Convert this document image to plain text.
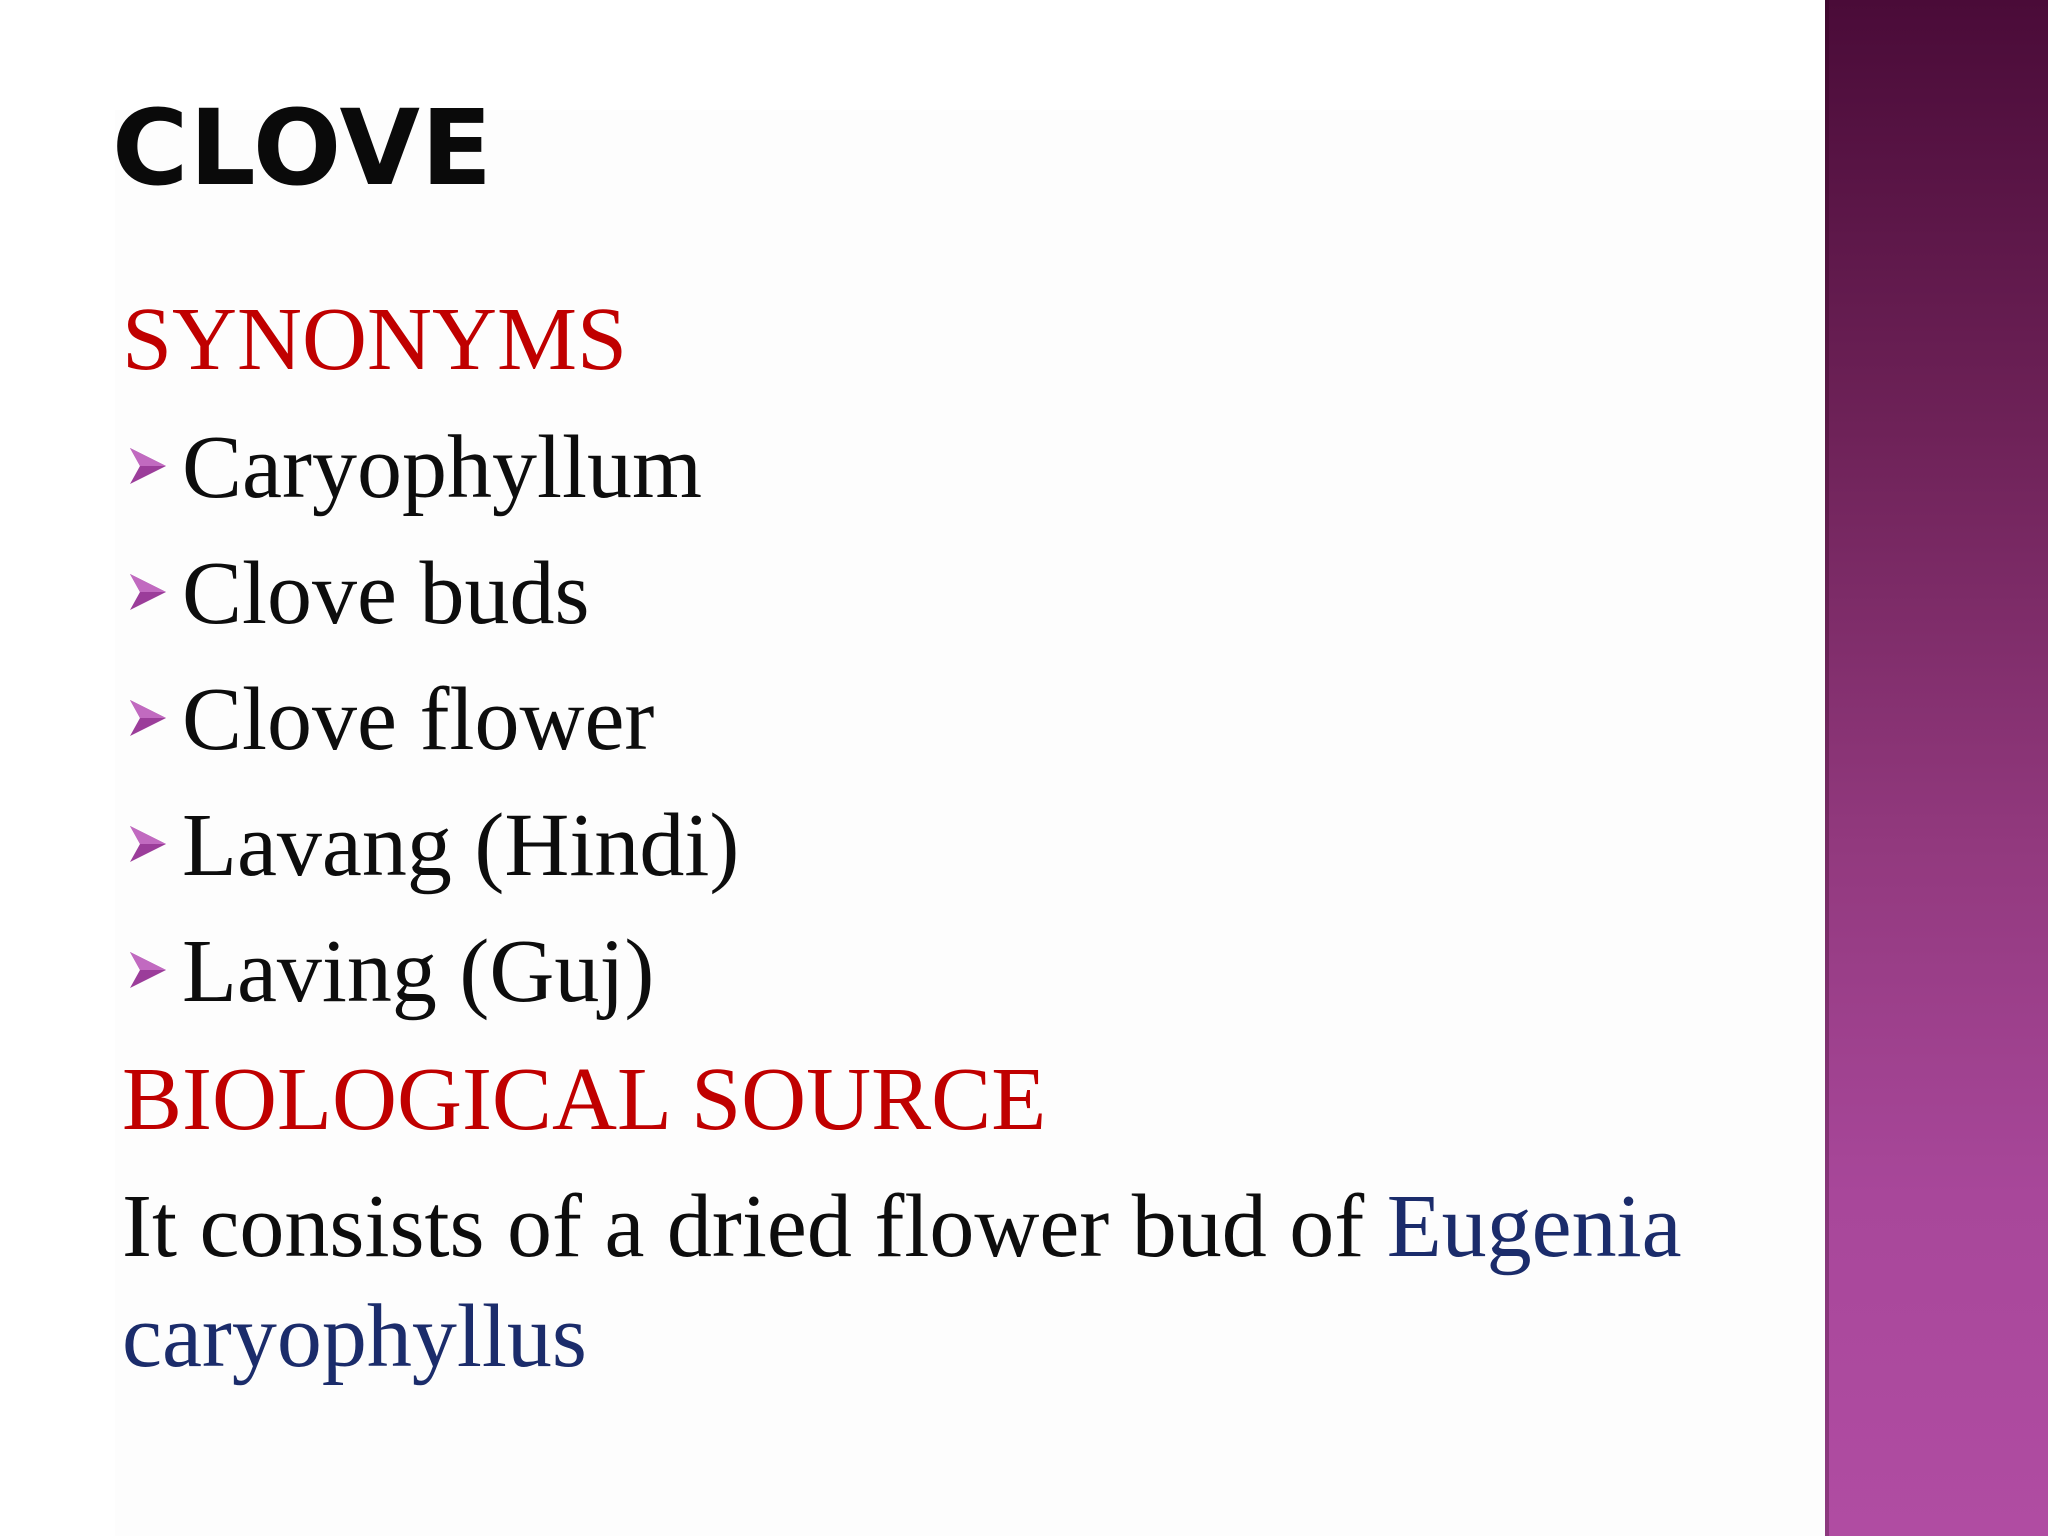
CLOVE
SYNONYMS
Caryophyllum
Clove buds
Clove flower
Lavang (Hindi)
Laving (Guj)
BIOLOGICAL SOURCE

It consists of a dried flower bud of Eugenia caryophyllus
